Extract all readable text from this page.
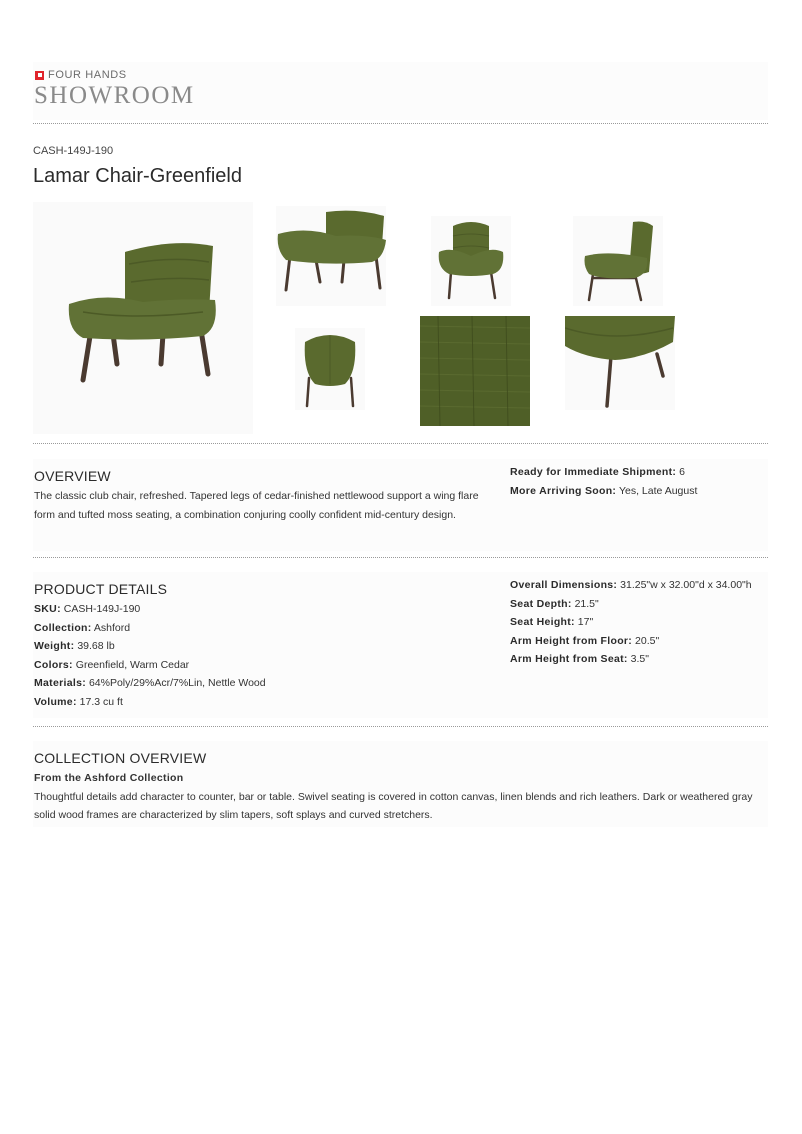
FOUR HANDS
SHOWROOM
CASH-149J-190
Lamar Chair-Greenfield
OVERVIEW
The classic club chair, refreshed. Tapered legs of cedar-finished nettlewood support a wing flare form and tufted moss seating, a combination conjuring coolly confident mid-century design.
Ready for Immediate Shipment: 6
More Arriving Soon: Yes, Late August
PRODUCT DETAILS
SKU: CASH-149J-190
Collection: Ashford
Weight: 39.68 lb
Colors: Greenfield, Warm Cedar
Materials: 64%Poly/29%Acr/7%Lin, Nettle Wood
Volume: 17.3 cu ft
Overall Dimensions: 31.25"w x 32.00"d x 34.00"h
Seat Depth: 21.5"
Seat Height: 17"
Arm Height from Floor: 20.5"
Arm Height from Seat: 3.5"
COLLECTION OVERVIEW
From the Ashford Collection
Thoughtful details add character to counter, bar or table. Swivel seating is covered in cotton canvas, linen blends and rich leathers. Dark or weathered gray solid wood frames are characterized by slim tapers, soft splays and curved stretchers.
